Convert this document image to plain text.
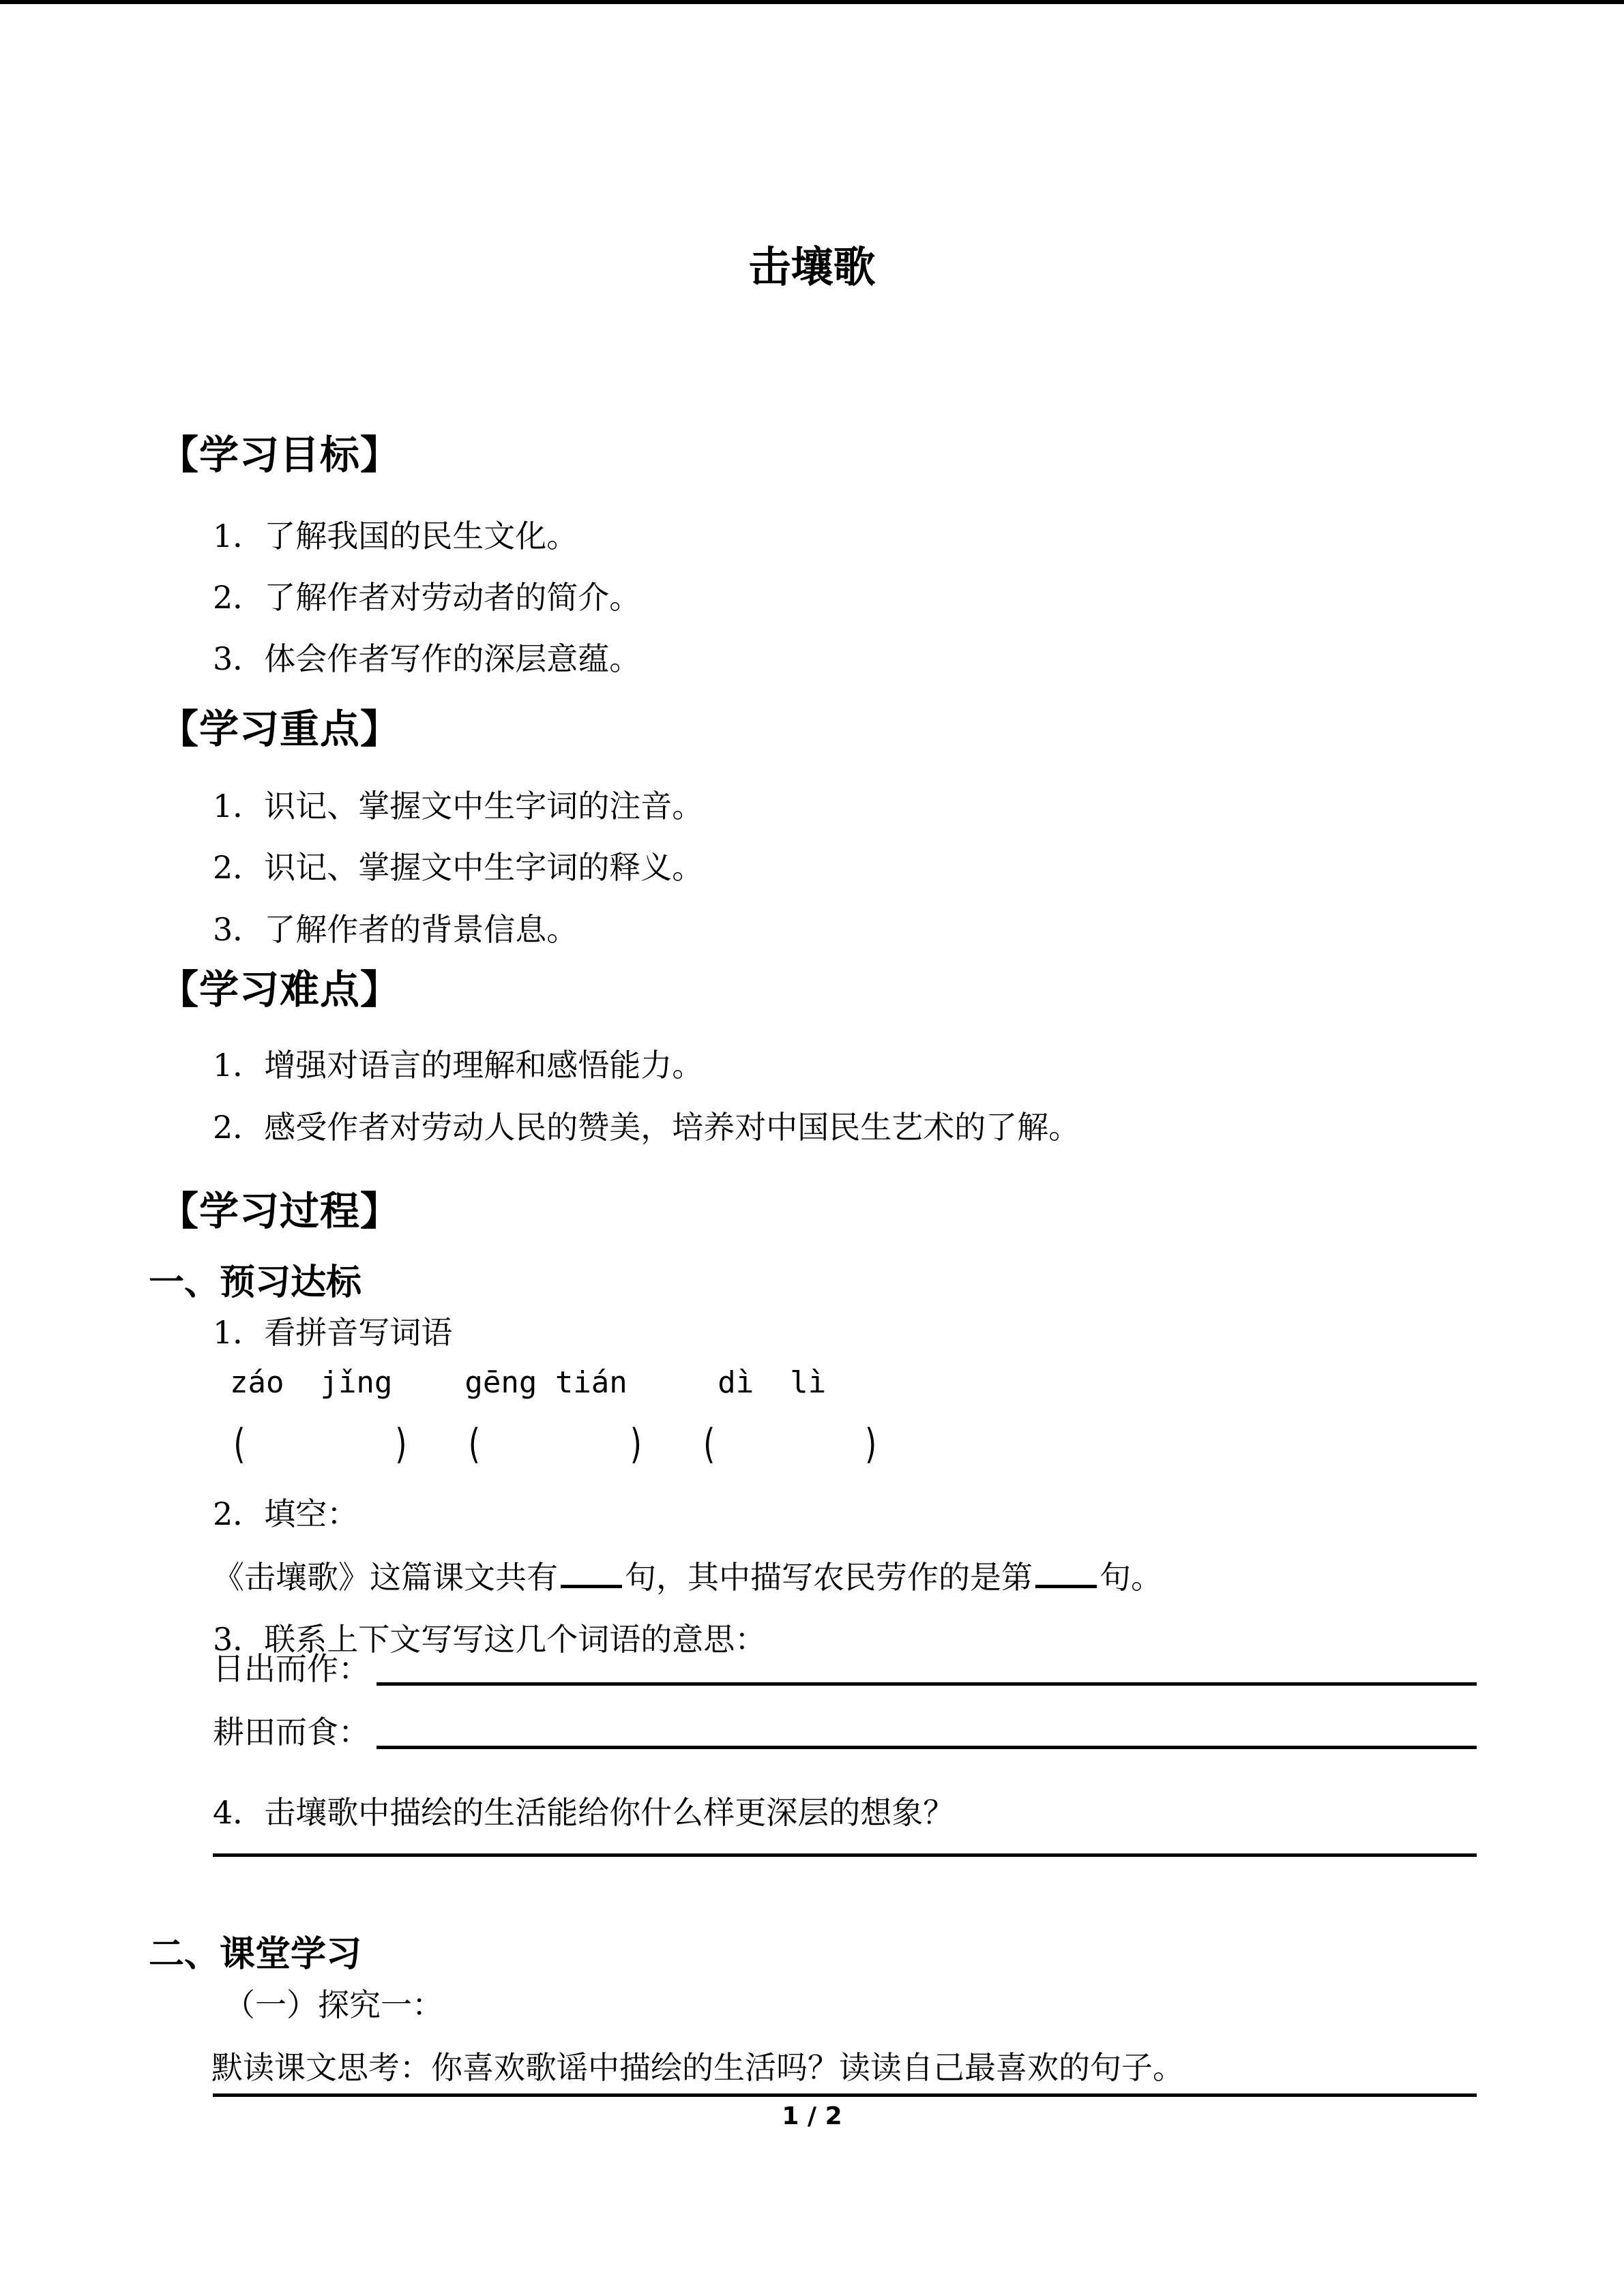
击壤歌
【学习目标】

1．了解我国的民生文化。

2．了解作者对劳动者的简介。

3．体会作者写作的深层意蕴。

【学习重点】

1．识记、掌握文中生字词的注音。

2．识记、掌握文中生字词的释义。

3．了解作者的背景信息。

【学习难点】

1．增强对语言的理解和感悟能力。

2．感受作者对劳动人民的赞美，培养对中国民生艺术的了解。

【学习过程】
一、预习达标

1．看拼音写词语

záo  jǐng    gēng tián     dì  lì

(        )   (        )   (        )

2．填空：

《击壤歌》这篇课文共有 句，其中描写农民劳作的是第 句。

3．联系上下文写写这几个词语的意思：

日出而作：
耕田而食：

4．击壤歌中描绘的生活能给你什么样更深层的想象？

二、课堂学习

（一）探究一：

默读课文思考：你喜欢歌谣中描绘的生活吗？读读自己最喜欢的句子。

1 / 2
